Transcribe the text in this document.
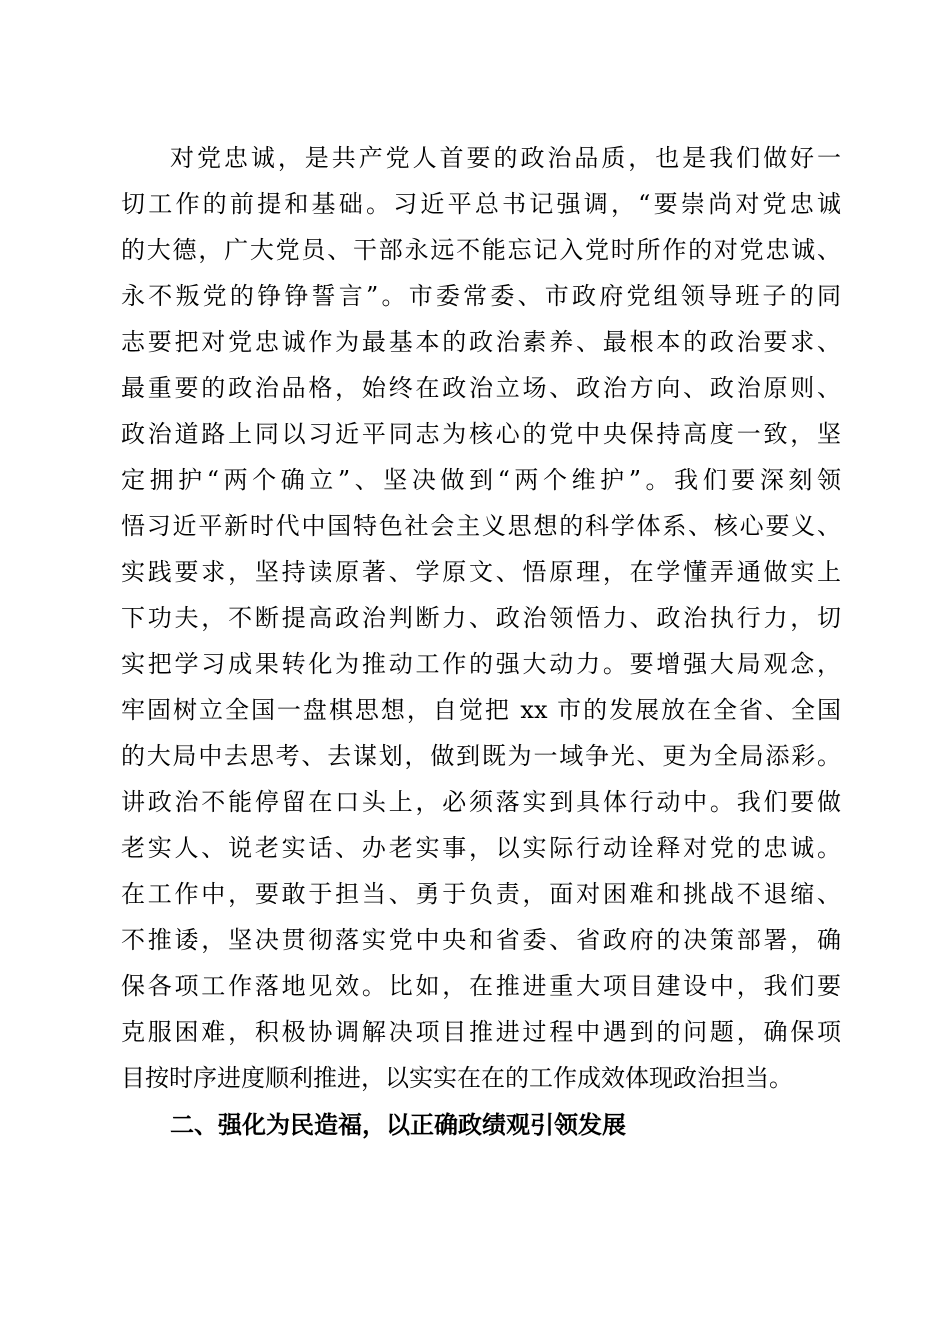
对党忠诚，是共产党人首要的政治品质，也是我们做好一
切工作的前提和基础。习近平总书记强调，“要崇尚对党忠诚
的大德，广大党员、干部永远不能忘记入党时所作的对党忠诚、
永不叛党的铮铮誓言”。市委常委、市政府党组领导班子的同
志要把对党忠诚作为最基本的政治素养、最根本的政治要求、
最重要的政治品格，始终在政治立场、政治方向、政治原则、
政治道路上同以习近平同志为核心的党中央保持高度一致，坚
定拥护“两个确立”、坚决做到“两个维护”。我们要深刻领
悟习近平新时代中国特色社会主义思想的科学体系、核心要义、
实践要求，坚持读原著、学原文、悟原理，在学懂弄通做实上
下功夫，不断提高政治判断力、政治领悟力、政治执行力，切
实把学习成果转化为推动工作的强大动力。要增强大局观念，
牢固树立全国一盘棋思想，自觉把 xx 市的发展放在全省、全国
的大局中去思考、去谋划，做到既为一域争光、更为全局添彩。
讲政治不能停留在口头上，必须落实到具体行动中。我们要做
老实人、说老实话、办老实事，以实际行动诠释对党的忠诚。
在工作中，要敢于担当、勇于负责，面对困难和挑战不退缩、
不推诿，坚决贯彻落实党中央和省委、省政府的决策部署，确
保各项工作落地见效。比如，在推进重大项目建设中，我们要
克服困难，积极协调解决项目推进过程中遇到的问题，确保项
目按时序进度顺利推进，以实实在在的工作成效体现政治担当。
二、强化为民造福，以正确政绩观引领发展
